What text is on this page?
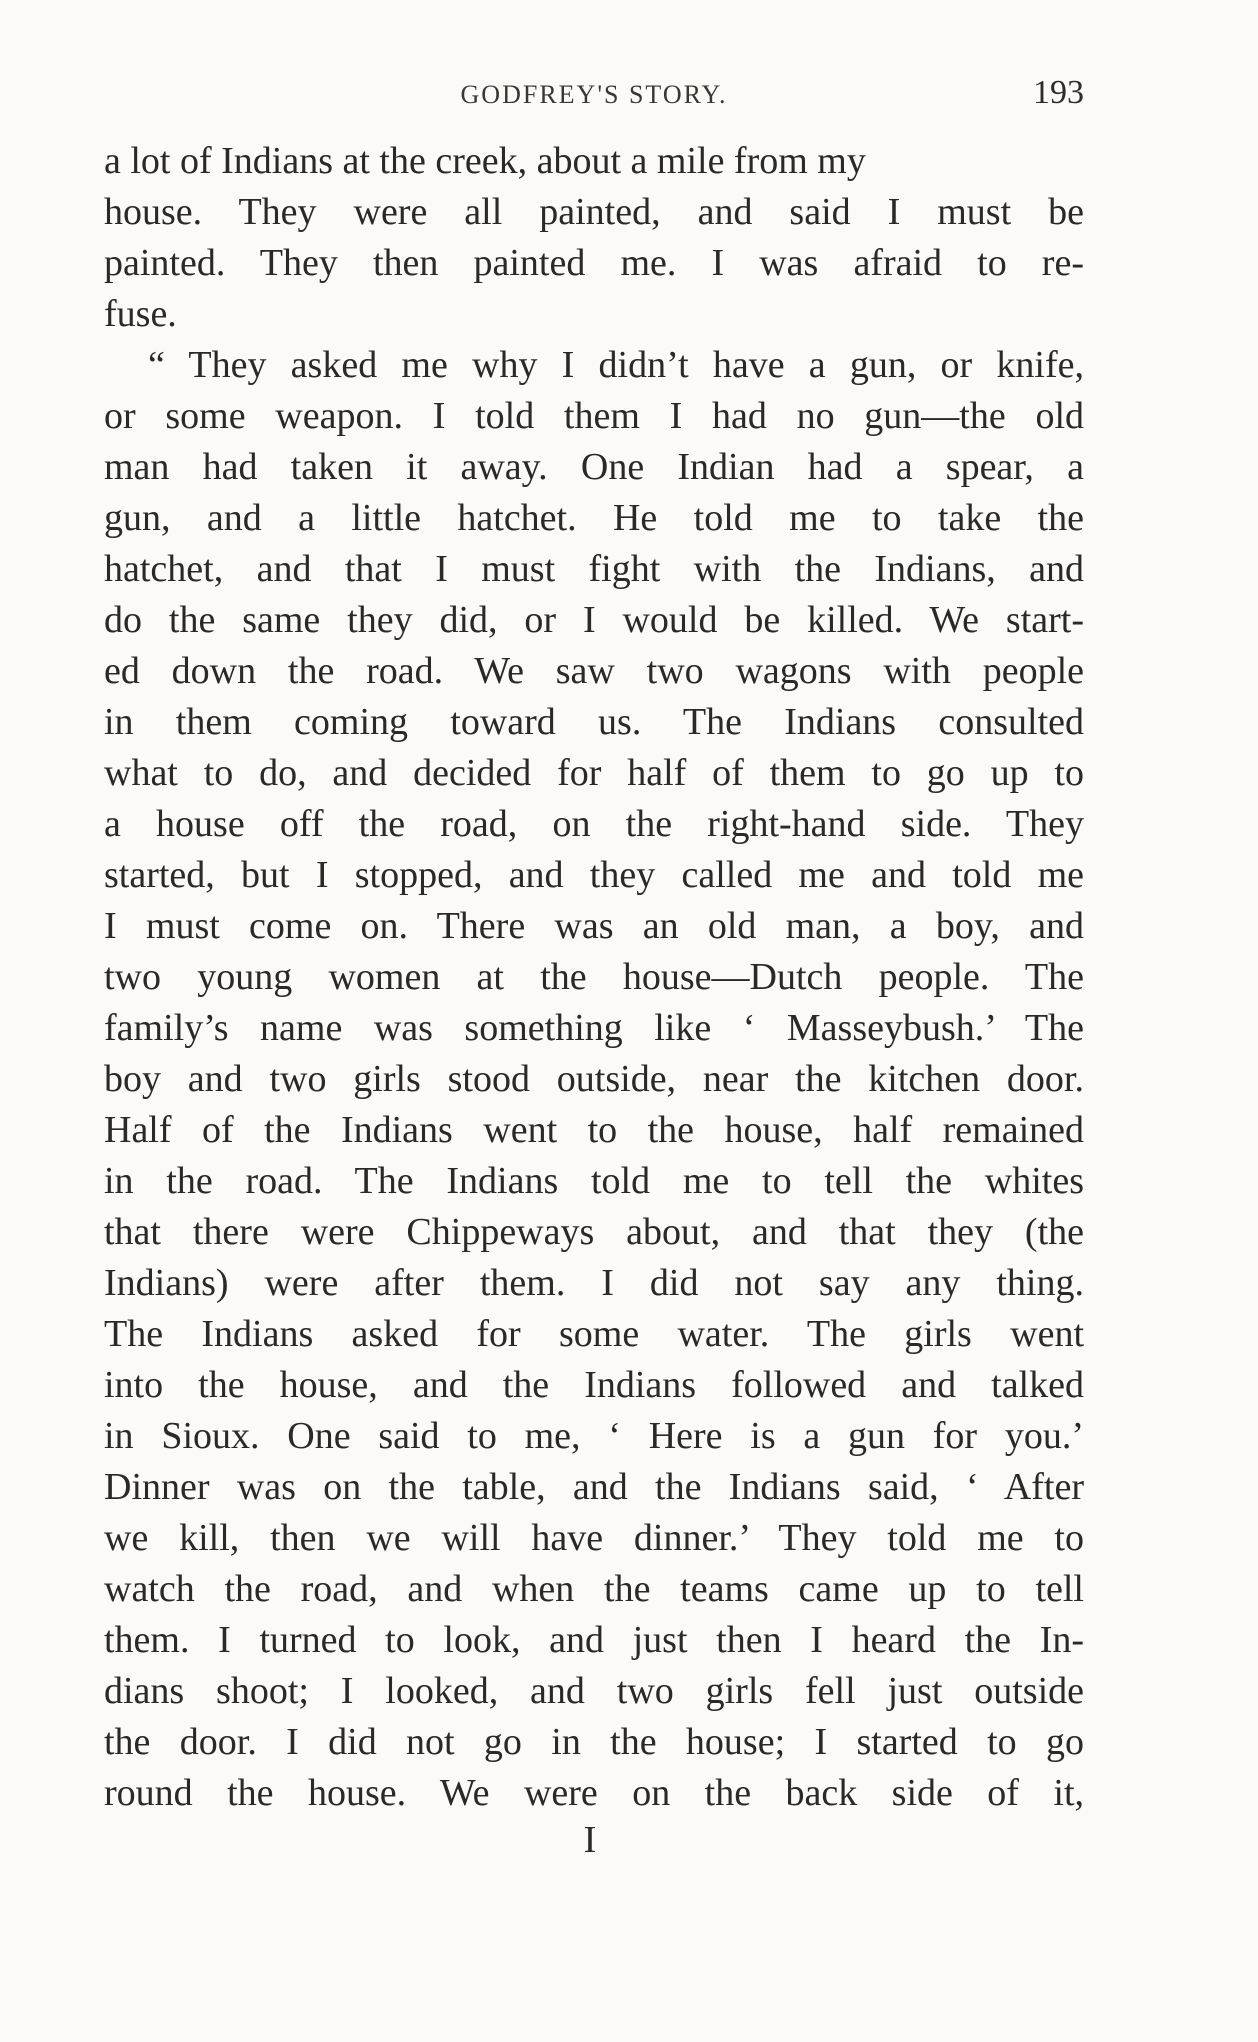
GODFREY'S STORY.	193
a lot of Indians at the creek, about a mile from my
house. They were all painted, and said I must be
painted. They then painted me. I was afraid to re-
fuse.
“ They asked me why I didn’t have a gun, or knife,
or some weapon. I told them I had no gun—the old
man had taken it away. One Indian had a spear, a
gun, and a little hatchet. He told me to take the
hatchet, and that I must fight with the Indians, and
do the same they did, or I would be killed. We start-
ed down the road. We saw two wagons with people
in them coming toward us. The Indians consulted
what to do, and decided for half of them to go up to
a house off the road, on the right-hand side. They
started, but I stopped, and they called me and told me
I must come on. There was an old man, a boy, and
two young women at the house—Dutch people. The
family’s name was something like ‘ Masseybush.’ The
boy and two girls stood outside, near the kitchen door.
Half of the Indians went to the house, half remained
in the road. The Indians told me to tell the whites
that there were Chippeways about, and that they (the
Indians) were after them. I did not say any thing.
The Indians asked for some water. The girls went
into the house, and the Indians followed and talked
in Sioux. One said to me, ‘ Here is a gun for you.’
Dinner was on the table, and the Indians said, ‘ After
we kill, then we will have dinner.’ They told me to
watch the road, and when the teams came up to tell
them. I turned to look, and just then I heard the In-
dians shoot; I looked, and two girls fell just outside
the door. I did not go in the house; I started to go
round the house. We were on the back side of it,
I
